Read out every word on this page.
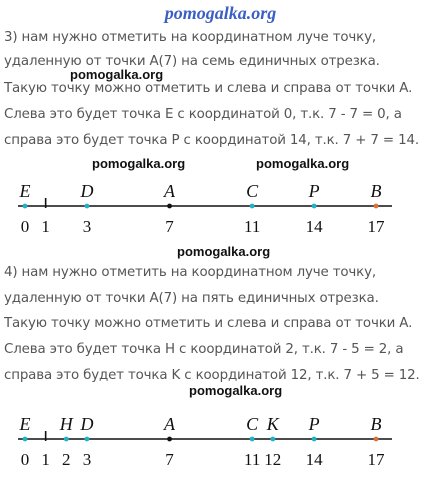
pomogalka.org
3) нам нужно отметить на координатном луче точку,
удаленную от точки A(7) на семь единичных отрезка.
pomogalka.org
Такую точку можно отметить и слева и справа от точки A.
Слева это будет точка E с координатой 0, т.к. 7 - 7 = 0, а
справа это будет точка P с координатой 14, т.к. 7 + 7 = 14.
pomogalka.org	pomogalka.org
E
0 1
D
3
A
7
C
11
P
14
B
17
pomogalka.org
4) нам нужно отметить на координатном луче точку,
удаленную от точки A(7) на пять единичных отрезка.
Такую точку можно отметить и слева и справа от точки A.
Слева это будет точка H с координатой 2, т.к. 7 - 5 = 2, а
справа это будет точка K с координатой 12, т.к. 7 + 5 = 12.
pomogalka.org
E
0 1
H
2
D
3
A
7
C
11
K
12
P
14
B
17
